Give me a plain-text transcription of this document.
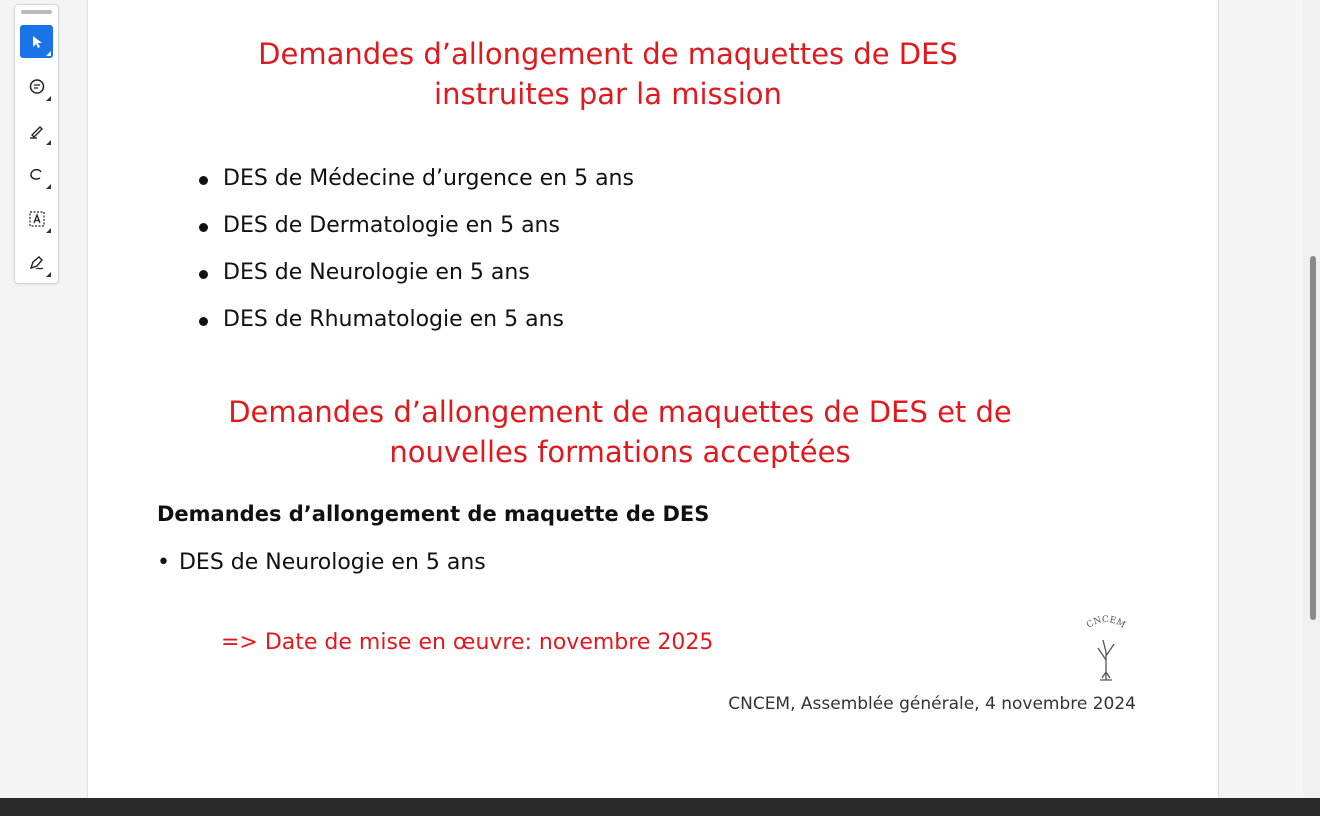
Demandes d’allongement de maquettes de DES
instruites par la mission
DES de Médecine d’urgence en 5 ans
DES de Dermatologie en 5 ans
DES de Neurologie en 5 ans
DES de Rhumatologie en 5 ans
Demandes d’allongement de maquettes de DES et de
nouvelles formations acceptées
Demandes d’allongement de maquette de DES
• DES de Neurologie en 5 ans
=> Date de mise en œuvre: novembre 2025
CNCEM
CNCEM, Assemblée générale, 4 novembre 2024
